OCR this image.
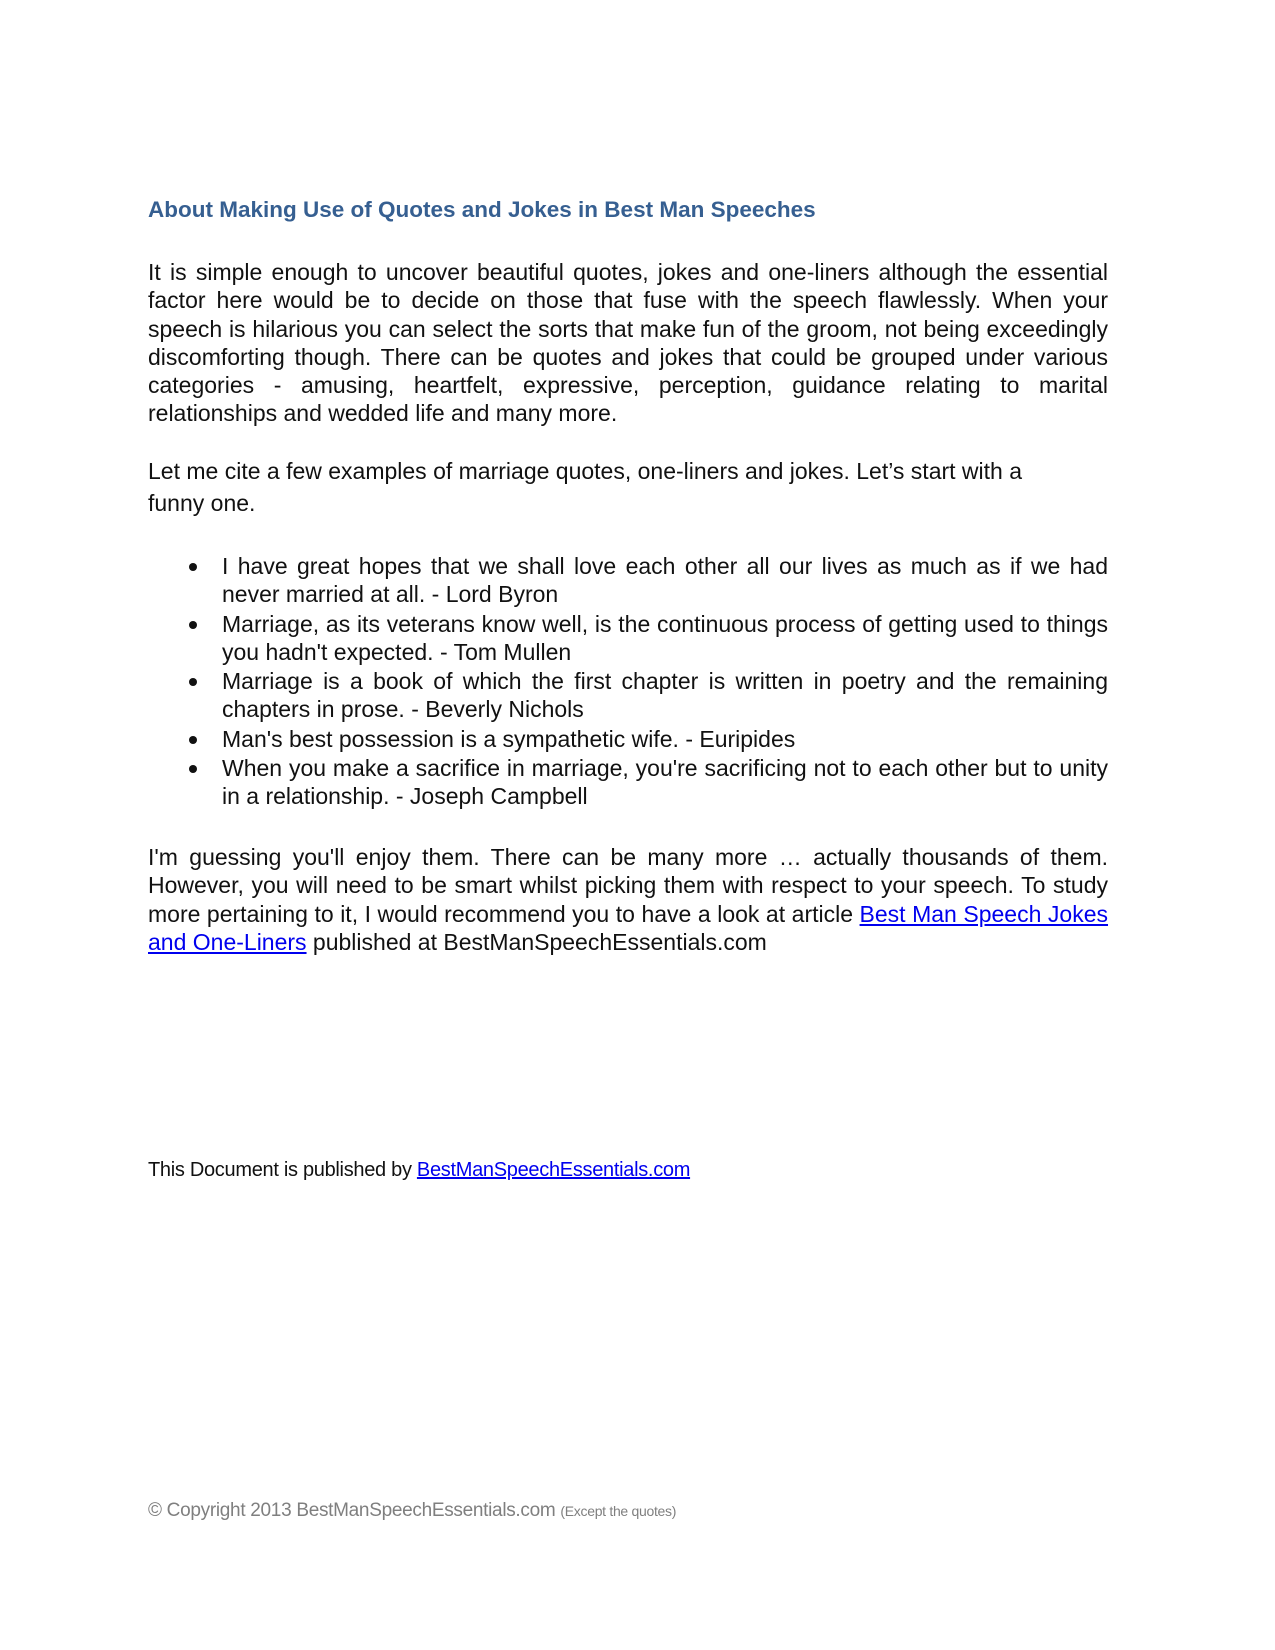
About Making Use of Quotes and Jokes in Best Man Speeches

It is simple enough to uncover beautiful quotes, jokes and one-liners although the essential factor here would be to decide on those that fuse with the speech flawlessly. When your speech is hilarious you can select the sorts that make fun of the groom, not being exceedingly discomforting though. There can be quotes and jokes that could be grouped under various categories - amusing, heartfelt, expressive, perception, guidance relating to marital relationships and wedded life and many more.

Let me cite a few examples of marriage quotes, one-liners and jokes. Let’s start with a
funny one.

I have great hopes that we shall love each other all our lives as much as if we had never married at all. - Lord Byron
Marriage, as its veterans know well, is the continuous process of getting used to things you hadn't expected. - Tom Mullen
Marriage is a book of which the first chapter is written in poetry and the remaining chapters in prose. - Beverly Nichols
Man's best possession is a sympathetic wife. - Euripides
When you make a sacrifice in marriage, you're sacrificing not to each other but to unity in a relationship. - Joseph Campbell

I'm guessing you'll enjoy them. There can be many more … actually thousands of them. However, you will need to be smart whilst picking them with respect to your speech. To study more pertaining to it, I would recommend you to have a look at article Best Man Speech Jokes and One-Liners published at BestManSpeechEssentials.com

This Document is published by BestManSpeechEssentials.com
© Copyright 2013 BestManSpeechEssentials.com (Except the quotes)
